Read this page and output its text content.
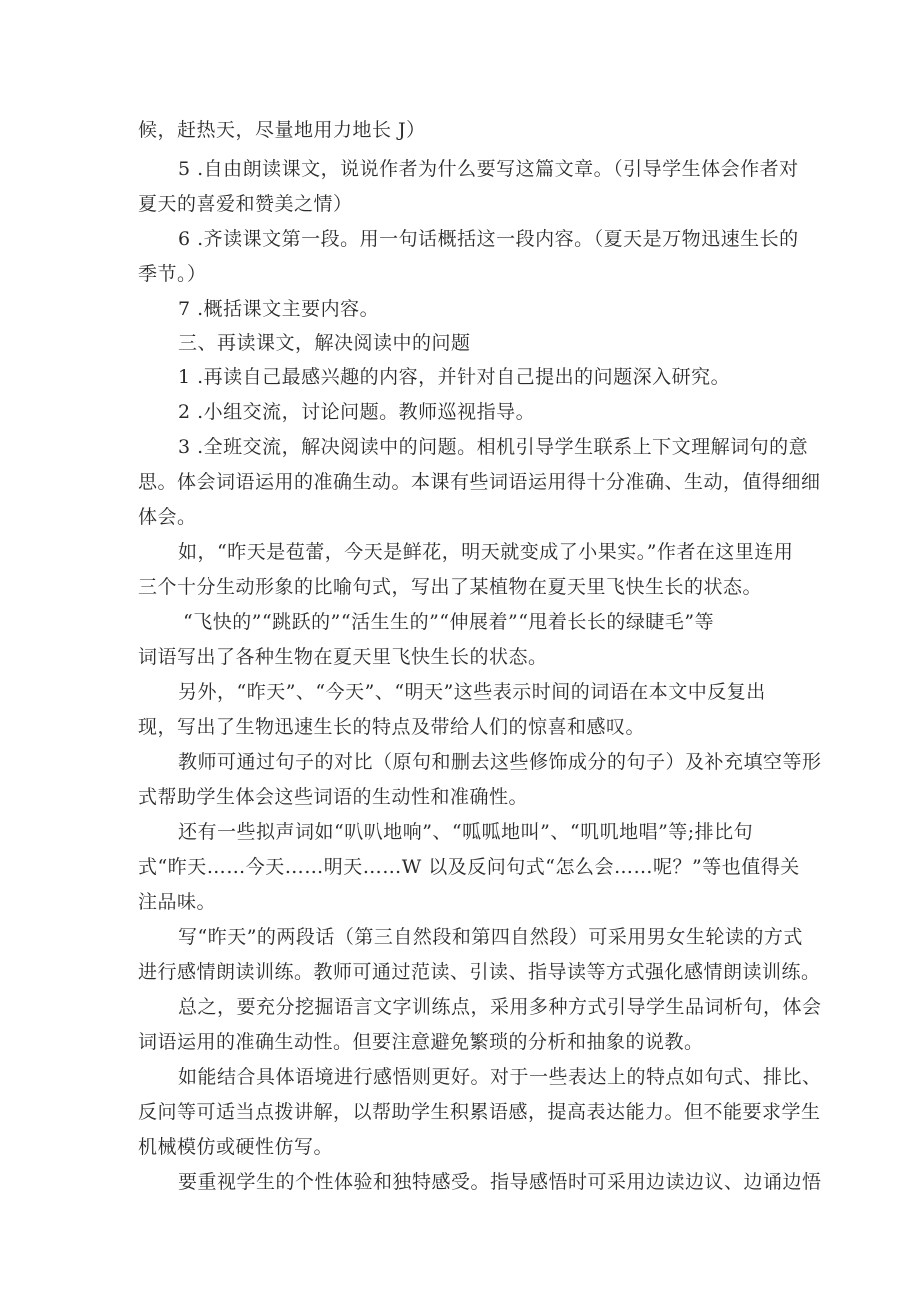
候，赶热天，尽量地用力地长 J）
5 .自由朗读课文，说说作者为什么要写这篇文章。（引导学生体会作者对
夏天的喜爱和赞美之情）
6 .齐读课文第一段。用一句话概括这一段内容。（夏天是万物迅速生长的
季节。）
7 .概括课文主要内容。
三、再读课文，解决阅读中的问题
1 .再读自己最感兴趣的内容，并针对自己提出的问题深入研究。
2 .小组交流，讨论问题。教师巡视指导。
3 .全班交流，解决阅读中的问题。相机引导学生联系上下文理解词句的意
思。体会词语运用的准确生动。本课有些词语运用得十分准确、生动，值得细细
体会。
如，“昨天是苞蕾，今天是鲜花，明天就变成了小果实。”作者在这里连用
三个十分生动形象的比喻句式，写出了某植物在夏天里飞快生长的状态。
“飞快的”“跳跃的”“活生生的”“伸展着”“甩着长长的绿睫毛”等
词语写出了各种生物在夏天里飞快生长的状态。
另外，“昨天”、“今天”、“明天”这些表示时间的词语在本文中反复出
现，写出了生物迅速生长的特点及带给人们的惊喜和感叹。
教师可通过句子的对比（原句和删去这些修饰成分的句子）及补充填空等形
式帮助学生体会这些词语的生动性和准确性。
还有一些拟声词如“叭叭地响”、“呱呱地叫”、“叽叽地唱”等;排比句
式“昨天……今天……明天……W 以及反问句式“怎么会……呢？”等也值得关
注品味。
写“昨天”的两段话（第三自然段和第四自然段）可采用男女生轮读的方式
进行感情朗读训练。教师可通过范读、引读、指导读等方式强化感情朗读训练。
总之，要充分挖掘语言文字训练点，采用多种方式引导学生品词析句，体会
词语运用的准确生动性。但要注意避免繁琐的分析和抽象的说教。
如能结合具体语境进行感悟则更好。对于一些表达上的特点如句式、排比、
反问等可适当点拨讲解，以帮助学生积累语感，提高表达能力。但不能要求学生
机械模仿或硬性仿写。
要重视学生的个性体验和独特感受。指导感悟时可采用边读边议、边诵边悟
